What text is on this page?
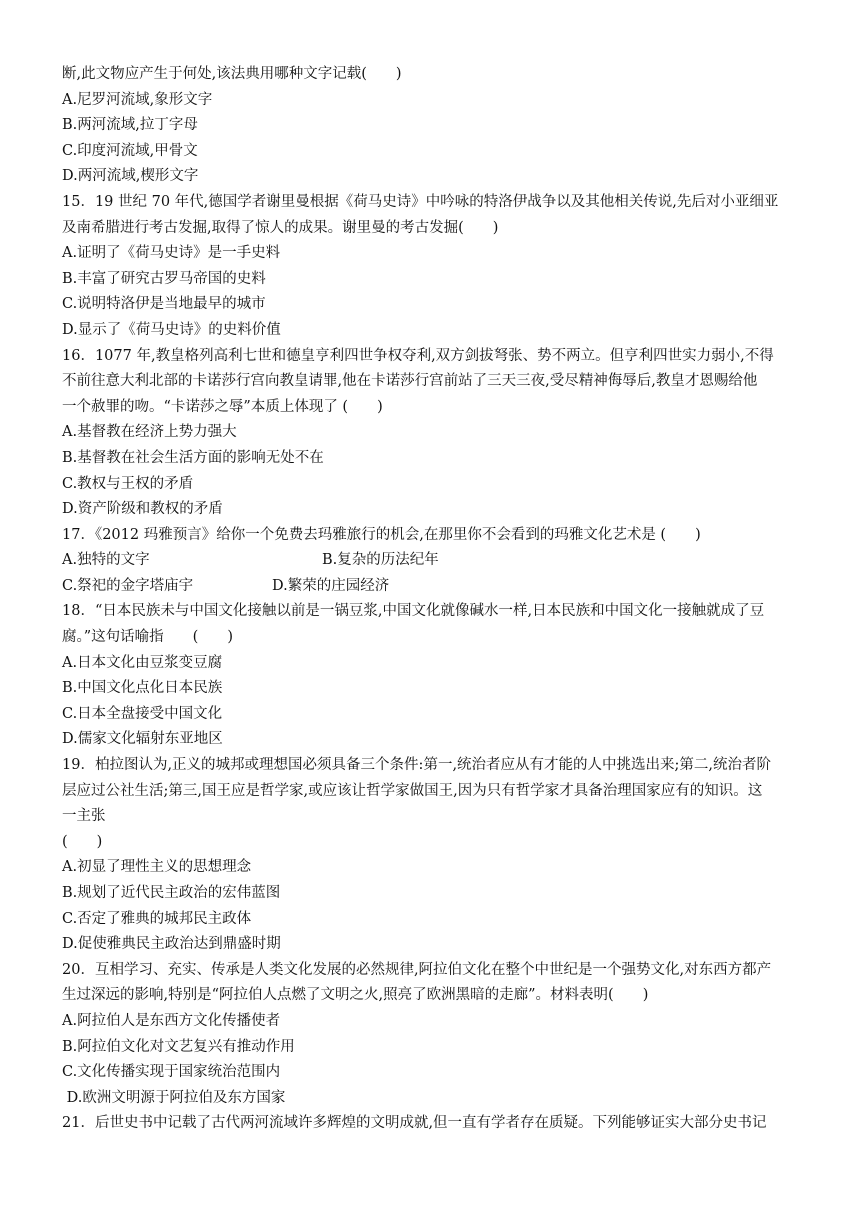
断,此文物应产生于何处,该法典用哪种文字记载(　　)
A.尼罗河流域,象形文字
B.两河流域,拉丁字母
C.印度河流域,甲骨文
D.两河流域,楔形文字
15．19 世纪 70 年代,德国学者谢里曼根据《荷马史诗》中吟咏的特洛伊战争以及其他相关传说,先后对小亚细亚
及南希腊进行考古发掘,取得了惊人的成果。谢里曼的考古发掘(　　)
A.证明了《荷马史诗》是一手史料
B.丰富了研究古罗马帝国的史料
C.说明特洛伊是当地最早的城市
D.显示了《荷马史诗》的史料价值
16．1077 年,教皇格列高利七世和德皇亨利四世争权夺利,双方剑拔弩张、势不两立。但亨利四世实力弱小,不得
不前往意大利北部的卡诺莎行宫向教皇请罪,他在卡诺莎行宫前站了三天三夜,受尽精神侮辱后,教皇才恩赐给他
一个赦罪的吻。“卡诺莎之辱”本质上体现了 (　　)
A.基督教在经济上势力强大
B.基督教在社会生活方面的影响无处不在
C.教权与王权的矛盾
D.资产阶级和教权的矛盾
17．《2012 玛雅预言》给你一个免费去玛雅旅行的机会,在那里你不会看到的玛雅文化艺术是 (　　)
A.独特的文字	B.复杂的历法纪年
C.祭祀的金字塔庙宇	D.繁荣的庄园经济
18．“日本民族未与中国文化接触以前是一锅豆浆,中国文化就像碱水一样,日本民族和中国文化一接触就成了豆
腐。”这句话喻指　　(　　)
A.日本文化由豆浆变豆腐
B.中国文化点化日本民族
C.日本全盘接受中国文化
D.儒家文化辐射东亚地区
19．柏拉图认为,正义的城邦或理想国必须具备三个条件:第一,统治者应从有才能的人中挑选出来;第二,统治者阶
层应过公社生活;第三,国王应是哲学家,或应该让哲学家做国王,因为只有哲学家才具备治理国家应有的知识。这
一主张
(　　)
A.初显了理性主义的思想理念
B.规划了近代民主政治的宏伟蓝图
C.否定了雅典的城邦民主政体
D.促使雅典民主政治达到鼎盛时期
20．互相学习、充实、传承是人类文化发展的必然规律,阿拉伯文化在整个中世纪是一个强势文化,对东西方都产
生过深远的影响,特别是“阿拉伯人点燃了文明之火,照亮了欧洲黑暗的走廊”。材料表明(　　)
A.阿拉伯人是东西方文化传播使者
B.阿拉伯文化对文艺复兴有推动作用
C.文化传播实现于国家统治范围内
D.欧洲文明源于阿拉伯及东方国家
21．后世史书中记载了古代两河流域许多辉煌的文明成就,但一直有学者存在质疑。下列能够证实大部分史书记
